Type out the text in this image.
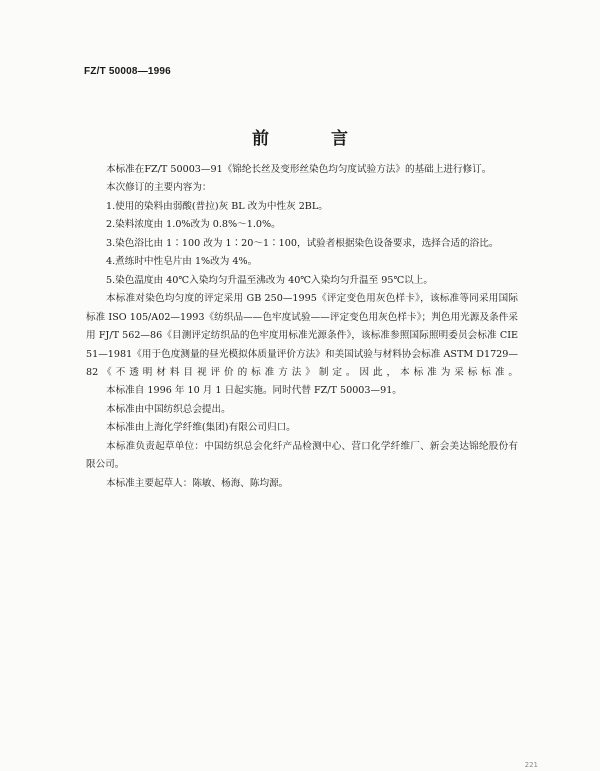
FZ/T 50008—1996
前 言

本标准在FZ/T 50003—91《锦纶长丝及变形丝染色均匀度试验方法》的基础上进行修订。

本次修订的主要内容为：

1.使用的染料由弱酸(普拉)灰 BL 改为中性灰 2BL。

2.染料浓度由 1.0%改为 0.8%～1.0%。

3.染色浴比由 1∶100 改为 1∶20～1∶100，试验者根据染色设备要求，选择合适的浴比。

4.煮练时中性皂片由 1%改为 4%。

5.染色温度由 40℃入染均匀升温至沸改为 40℃入染均匀升温至 95℃以上。

本标准对染色均匀度的评定采用 GB 250—1995《评定变色用灰色样卡》，该标准等同采用国际标准 ISO 105/A02—1993《纺织品——色牢度试验——评定变色用灰色样卡》；判色用光源及条件采用 FJ/T 562—86《目测评定纺织品的色牢度用标准光源条件》，该标准参照国际照明委员会标准 CIE 51—1981《用于色度测量的昼光模拟体质量评价方法》和美国试验与材料协会标准 ASTM D1729—82《不透明材料目视评价的标准方法》制定。因此，本标准为采标标准。

本标准自 1996 年 10 月 1 日起实施。同时代替 FZ/T 50003—91。

本标准由中国纺织总会提出。

本标准由上海化学纤维(集团)有限公司归口。

本标准负责起草单位：中国纺织总会化纤产品检测中心、营口化学纤维厂、新会美达锦纶股份有限公司。

本标准主要起草人：陈敏、杨海、陈均源。

221
